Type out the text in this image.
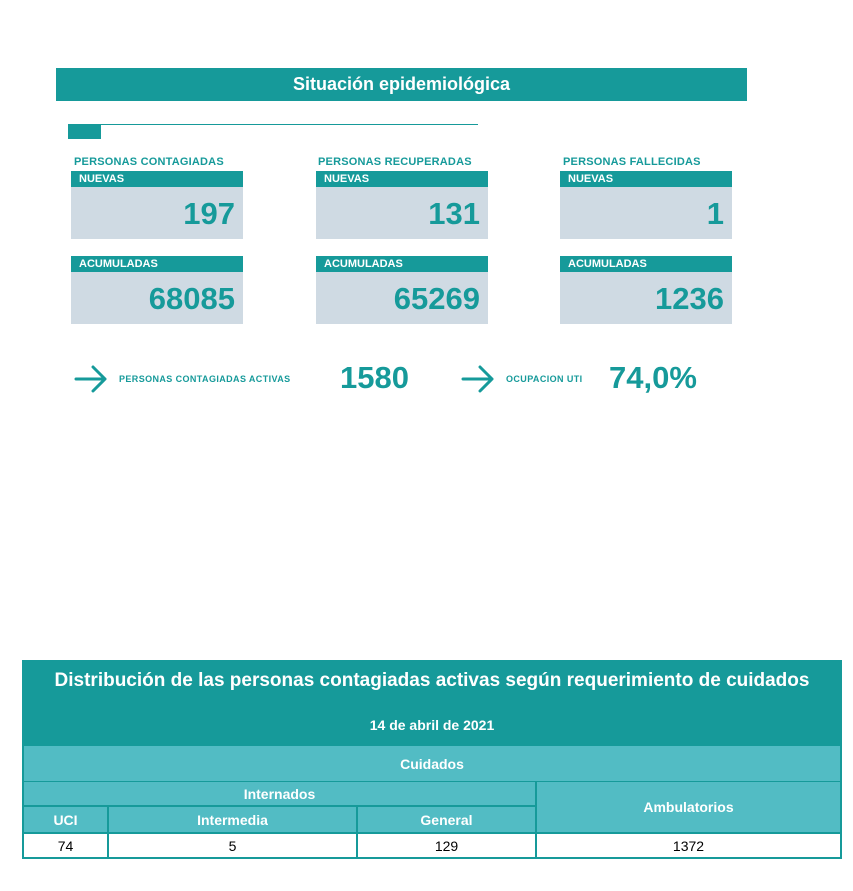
Situación epidemiológica
PERSONAS CONTAGIADAS
NUEVAS
197
ACUMULADAS
68085
PERSONAS RECUPERADAS
NUEVAS
131
ACUMULADAS
65269
PERSONAS FALLECIDAS
NUEVAS
1
ACUMULADAS
1236
PERSONAS CONTAGIADAS ACTIVAS 1580	OCUPACION UTI 74,0%
Distribución de las personas contagiadas activas según requerimiento de cuidados
14 de abril de 2021
Cuidados
Internados
Ambulatorios
UCI	Intermedia	General
74	5	129	1372
